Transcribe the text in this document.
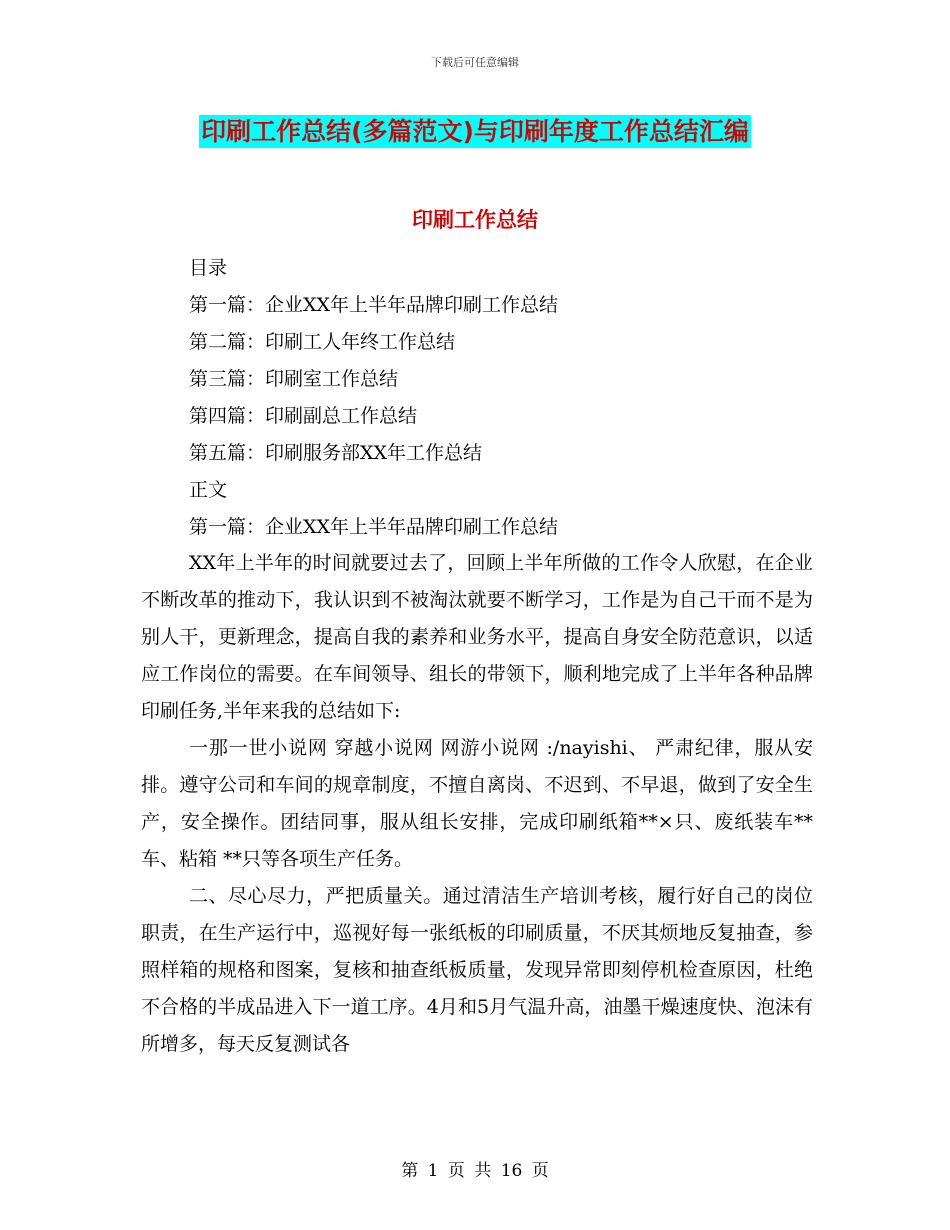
下载后可任意编辑
印刷工作总结(多篇范文)与印刷年度工作总结汇编
印刷工作总结
目录
第一篇：企业XX年上半年品牌印刷工作总结
第二篇：印刷工人年终工作总结
第三篇：印刷室工作总结
第四篇：印刷副总工作总结
第五篇：印刷服务部XX年工作总结
正文
第一篇：企业XX年上半年品牌印刷工作总结

XX年上半年的时间就要过去了，回顾上半年所做的工作令人欣慰，在企业不断改革的推动下，我认识到不被淘汰就要不断学习，工作是为自己干而不是为别人干，更新理念，提高自我的素养和业务水平，提高自身安全防范意识，以适应工作岗位的需要。在车间领导、组长的带领下，顺利地完成了上半年各种品牌印刷任务,半年来我的总结如下:

一那一世小说网 穿越小说网 网游小说网 :/nayishi、 严肃纪律，服从安排。遵守公司和车间的规章制度，不擅自离岗、不迟到、不早退，做到了安全生产，安全操作。团结同事，服从组长安排，完成印刷纸箱**×只、废纸装车**车、粘箱 **只等各项生产任务。

二、尽心尽力，严把质量关。通过清洁生产培训考核，履行好自己的岗位职责，在生产运行中，巡视好每一张纸板的印刷质量，不厌其烦地反复抽查，参照样箱的规格和图案，复核和抽查纸板质量，发现异常即刻停机检查原因，杜绝不合格的半成品进入下一道工序。4月和5月气温升高，油墨干燥速度快、泡沫有所增多，每天反复测试各

第 1 页 共 16 页
